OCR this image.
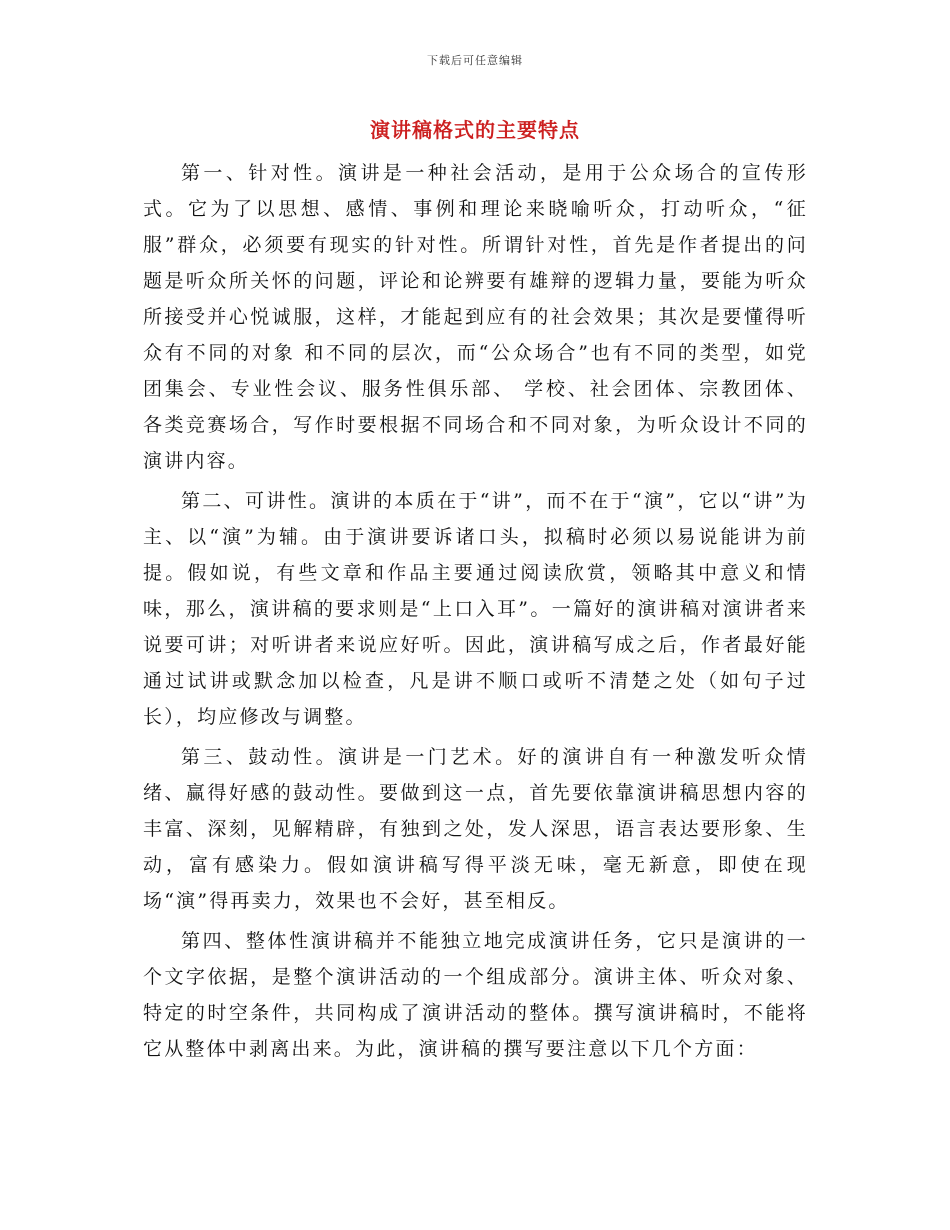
下载后可任意编辑
演讲稿格式的主要特点

第一、针对性。演讲是一种社会活动，是用于公众场合的宣传形式。它为了以思想、感情、事例和理论来晓喻听众，打动听众，“征服”群众，必须要有现实的针对性。所谓针对性，首先是作者提出的问题是听众所关怀的问题，评论和论辨要有雄辩的逻辑力量，要能为听众所接受并心悦诚服，这样，才能起到应有的社会效果；其次是要懂得听众有不同的对象 和不同的层次，而“公众场合”也有不同的类型，如党团集会、专业性会议、服务性俱乐部、 学校、社会团体、宗教团体、各类竞赛场合，写作时要根据不同场合和不同对象，为听众设计不同的演讲内容。

第二、可讲性。演讲的本质在于“讲”，而不在于“演”，它以“讲”为主、以“演”为辅。由于演讲要诉诸口头，拟稿时必须以易说能讲为前提。假如说，有些文章和作品主要通过阅读欣赏，领略其中意义和情味，那么，演讲稿的要求则是“上口入耳”。一篇好的演讲稿对演讲者来说要可讲；对听讲者来说应好听。因此，演讲稿写成之后，作者最好能通过试讲或默念加以检查，凡是讲不顺口或听不清楚之处（如句子过长），均应修改与调整。

第三、鼓动性。演讲是一门艺术。好的演讲自有一种激发听众情绪、赢得好感的鼓动性。要做到这一点，首先要依靠演讲稿思想内容的丰富、深刻，见解精辟，有独到之处，发人深思，语言表达要形象、生动，富有感染力。假如演讲稿写得平淡无味，毫无新意，即使在现场“演”得再卖力，效果也不会好，甚至相反。

第四、整体性演讲稿并不能独立地完成演讲任务，它只是演讲的一个文字依据，是整个演讲活动的一个组成部分。演讲主体、听众对象、特定的时空条件，共同构成了演讲活动的整体。撰写演讲稿时，不能将它从整体中剥离出来。为此，演讲稿的撰写要注意以下几个方面：
